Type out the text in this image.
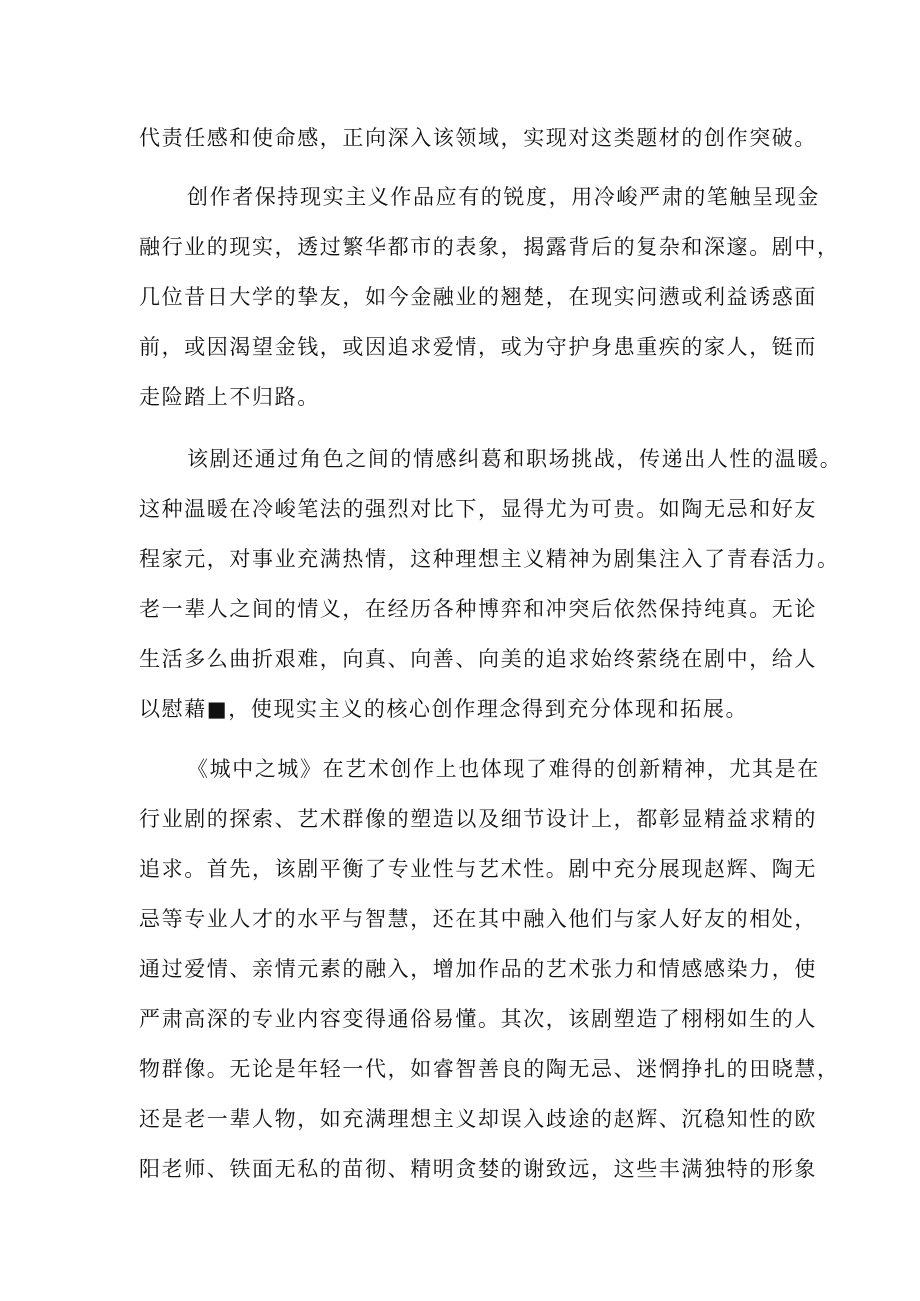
代责任感和使命感，正向深入该领域，实现对这类题材的创作突破。
创作者保持现实主义作品应有的锐度，用冷峻严肃的笔触呈现金
融行业的现实，透过繁华都市的表象，揭露背后的复杂和深邃。剧中，
几位昔日大学的挚友，如今金融业的翘楚，在现实问懑或利益诱惑面
前，或因渴望金钱，或因追求爱情，或为守护身患重疾的家人，铤而
走险踏上不归路。
该剧还通过角色之间的情感纠葛和职场挑战，传递出人性的温暖。
这种温暖在冷峻笔法的强烈对比下，显得尤为可贵。如陶无忌和好友
程家元，对事业充满热情，这种理想主义精神为剧集注入了青春活力。
老一辈人之间的情义，在经历各种博弈和冲突后依然保持纯真。无论
生活多么曲折艰难，向真、向善、向美的追求始终萦绕在剧中，给人
以慰藉■，使现实主义的核心创作理念得到充分体现和拓展。
《城中之城》在艺术创作上也体现了难得的创新精神，尤其是在
行业剧的探索、艺术群像的塑造以及细节设计上，都彰显精益求精的
追求。首先，该剧平衡了专业性与艺术性。剧中充分展现赵辉、陶无
忌等专业人才的水平与智慧，还在其中融入他们与家人好友的相处，
通过爱情、亲情元素的融入，增加作品的艺术张力和情感感染力，使
严肃高深的专业内容变得通俗易懂。其次，该剧塑造了栩栩如生的人
物群像。无论是年轻一代，如睿智善良的陶无忌、迷惘挣扎的田晓慧，
还是老一辈人物，如充满理想主义却误入歧途的赵辉、沉稳知性的欧
阳老师、铁面无私的苗彻、精明贪婪的谢致远，这些丰满独特的形象
